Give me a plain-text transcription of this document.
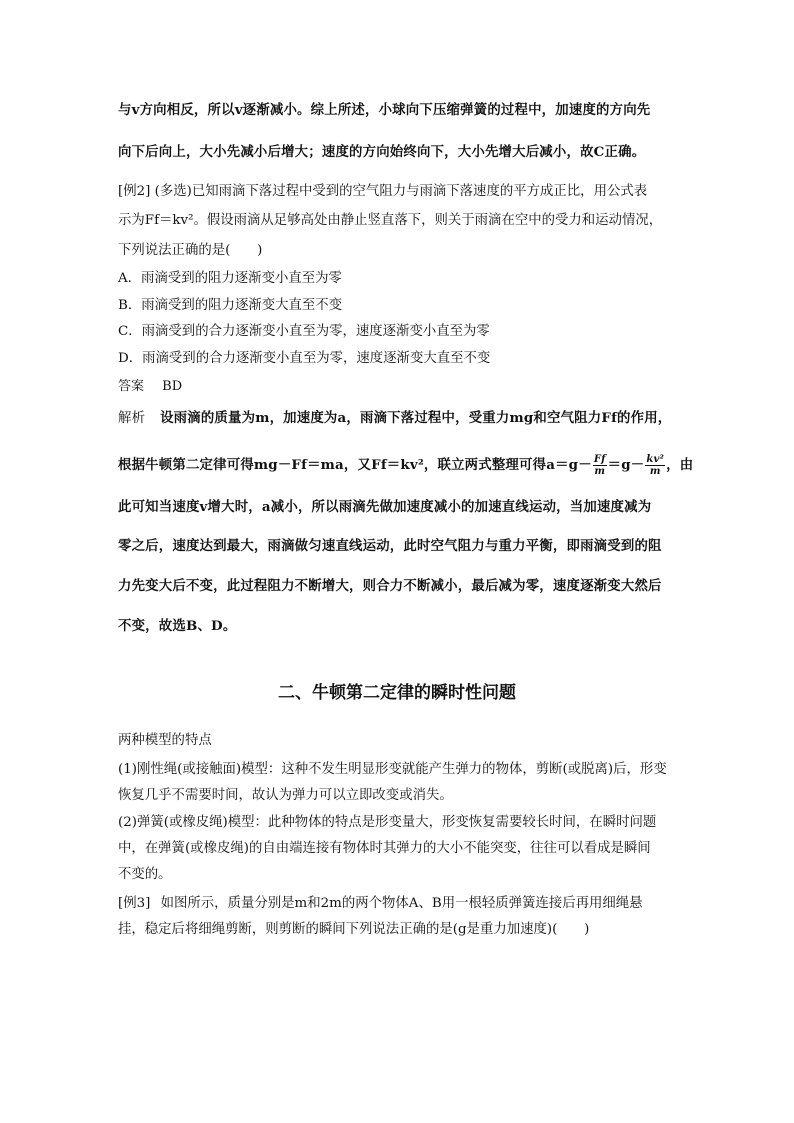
与v方向相反，所以v逐渐减小。综上所述，小球向下压缩弹簧的过程中，加速度的方向先
向下后向上，大小先减小后增大；速度的方向始终向下，大小先增大后减小，故C正确。
[例2] (多选)已知雨滴下落过程中受到的空气阻力与雨滴下落速度的平方成正比，用公式表
示为Ff＝kv²。假设雨滴从足够高处由静止竖直落下，则关于雨滴在空中的受力和运动情况，
下列说法正确的是(　　)
A．雨滴受到的阻力逐渐变小直至为零
B．雨滴受到的阻力逐渐变大直至不变
C．雨滴受到的合力逐渐变小直至为零，速度逐渐变小直至为零
D．雨滴受到的合力逐渐变小直至为零，速度逐渐变大直至不变
答案 BD
解析 设雨滴的质量为m，加速度为a，雨滴下落过程中，受重力mg和空气阻力Ff的作用，
根据牛顿第二定律可得mg－Ff＝ma，又Ff＝kv²，联立两式整理可得$a=g- \frac{Ff}{m} =g- \frac{\text{kv²}}{m}$ ，由
此可知当速度v增大时，a减小，所以雨滴先做加速度减小的加速直线运动，当加速度减为
零之后，速度达到最大，雨滴做匀速直线运动，此时空气阻力与重力平衡，即雨滴受到的阻
力先变大后不变，此过程阻力不断增大，则合力不断减小，最后减为零，速度逐渐变大然后
不变，故选B、D。
二、牛顿第二定律的瞬时性问题
两种模型的特点
(1)刚性绳(或接触面)模型：这种不发生明显形变就能产生弹力的物体，剪断(或脱离)后，形变
恢复几乎不需要时间，故认为弹力可以立即改变或消失。
(2)弹簧(或橡皮绳)模型：此种物体的特点是形变量大，形变恢复需要较长时间，在瞬时问题
中，在弹簧(或橡皮绳)的自由端连接有物体时其弹力的大小不能突变，往往可以看成是瞬间
不变的。
[例3] 如图所示，质量分别是m和2m的两个物体A、B用一根轻质弹簧连接后再用细绳悬
挂，稳定后将细绳剪断，则剪断的瞬间下列说法正确的是(g是重力加速度)(　　)
